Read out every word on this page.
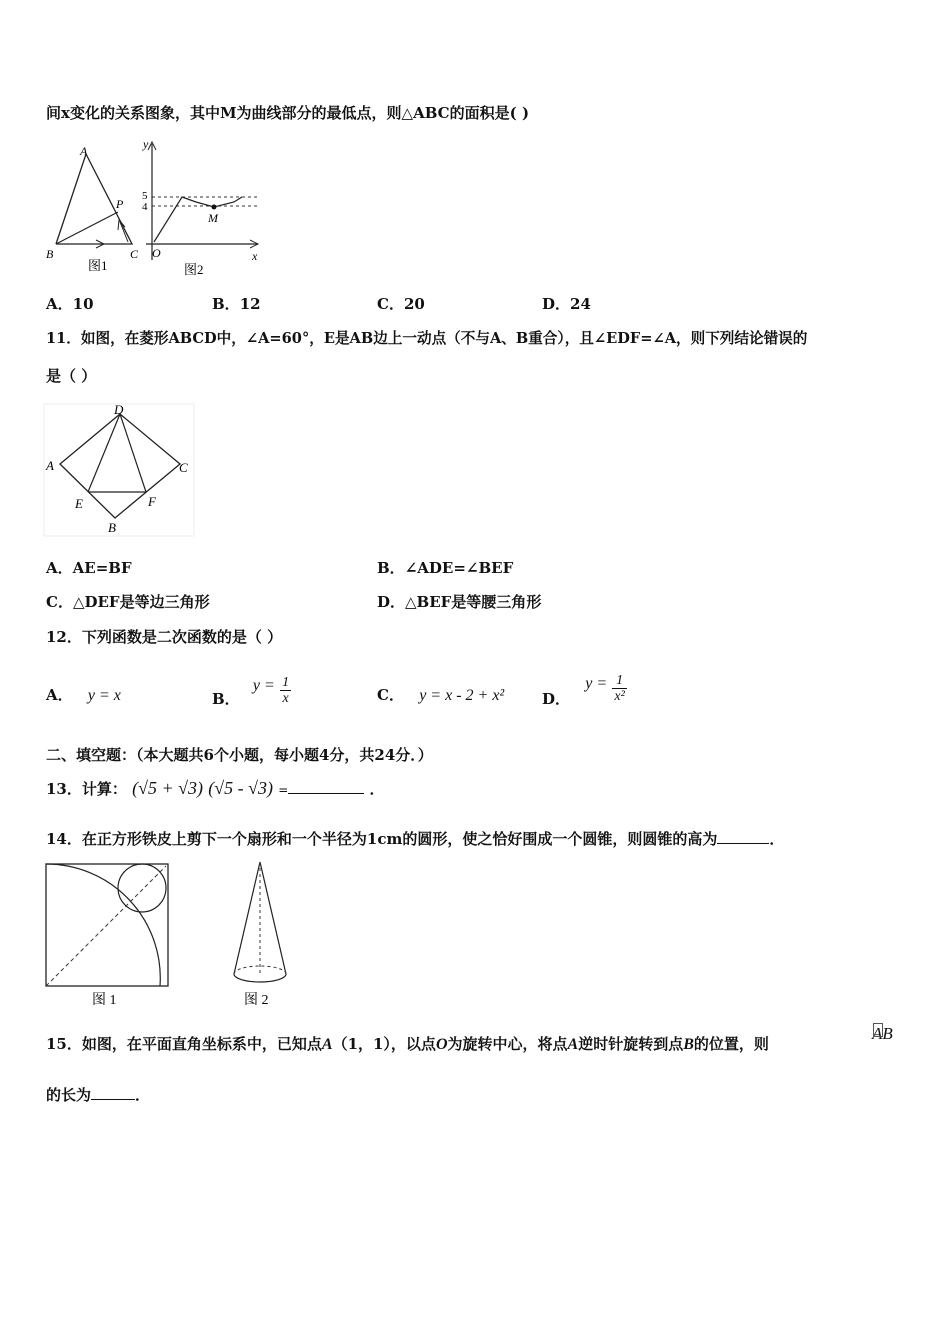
间x变化的关系图象，其中M为曲线部分的最低点，则△ABC的面积是( )
A
B	C
P
图1
y
5
4
M
O	x
图2
A．10	B．12	C．20	D．24
11．如图，在菱形ABCD中，∠A=60°，E是AB边上一动点（不与A、B重合），且∠EDF=∠A，则下列结论错误的
是（ ）
D
A	C
E	F
B
A．AE=BF	B．∠ADE=∠BEF
C．△DEF是等边三角形	D．△BEF是等腰三角形
12．下列函数是二次函数的是（ ）
A． y = x	B． $y = \frac{1}{x}$	C． y = x - 2 + x²	D． $y = \frac{1}{\text{x²}}$
二、填空题：（本大题共6个小题，每小题4分，共24分．）
13．计算： (√5 + √3) (√5 - √3) =	．
14．在正方形铁皮上剪下一个扇形和一个半径为1cm的圆形，使之恰好围成一个圆锥，则圆锥的高为	．
图 1	图 2
15．如图，在平面直角坐标系中，已知点A（1，1），以点O为旋转中心，将点A逆时针旋转到点B的位置，则
AB
的长为	．
